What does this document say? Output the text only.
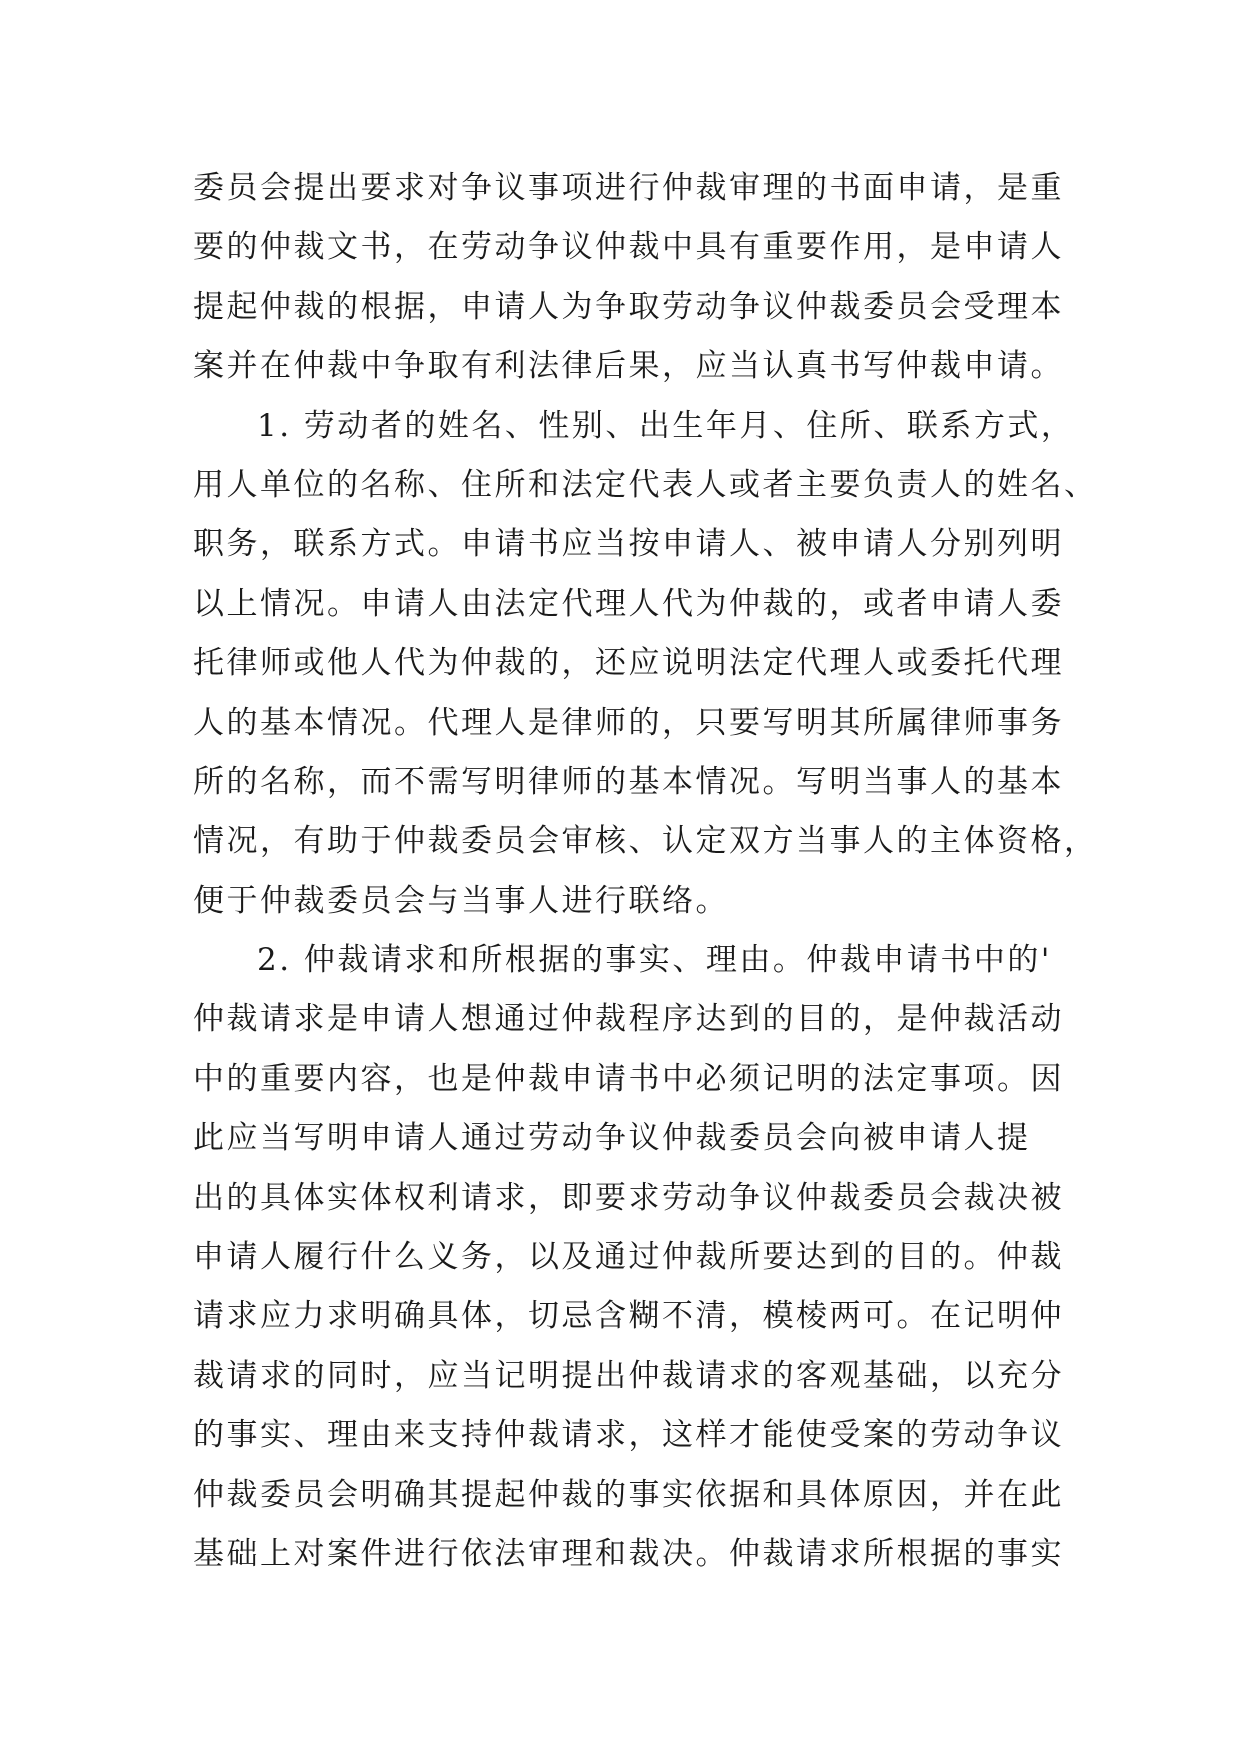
委员会提出要求对争议事项进行仲裁审理的书面申请，是重
要的仲裁文书，在劳动争议仲裁中具有重要作用，是申请人
提起仲裁的根据，申请人为争取劳动争议仲裁委员会受理本
案并在仲裁中争取有利法律后果，应当认真书写仲裁申请。
1. 劳动者的姓名、性别、出生年月、住所、联系方式，
用人单位的名称、住所和法定代表人或者主要负责人的姓名、
职务，联系方式。申请书应当按申请人、被申请人分别列明
以上情况。申请人由法定代理人代为仲裁的，或者申请人委
托律师或他人代为仲裁的，还应说明法定代理人或委托代理
人的基本情况。代理人是律师的，只要写明其所属律师事务
所的名称，而不需写明律师的基本情况。写明当事人的基本
情况，有助于仲裁委员会审核、认定双方当事人的主体资格，
便于仲裁委员会与当事人进行联络。
2. 仲裁请求和所根据的事实、理由。仲裁申请书中的'
仲裁请求是申请人想通过仲裁程序达到的目的，是仲裁活动
中的重要内容，也是仲裁申请书中必须记明的法定事项。因
此应当写明申请人通过劳动争议仲裁委员会向被申请人提
出的具体实体权利请求，即要求劳动争议仲裁委员会裁决被
申请人履行什么义务，以及通过仲裁所要达到的目的。仲裁
请求应力求明确具体，切忌含糊不清，模棱两可。在记明仲
裁请求的同时，应当记明提出仲裁请求的客观基础，以充分
的事实、理由来支持仲裁请求，这样才能使受案的劳动争议
仲裁委员会明确其提起仲裁的事实依据和具体原因，并在此
基础上对案件进行依法审理和裁决。仲裁请求所根据的事实
